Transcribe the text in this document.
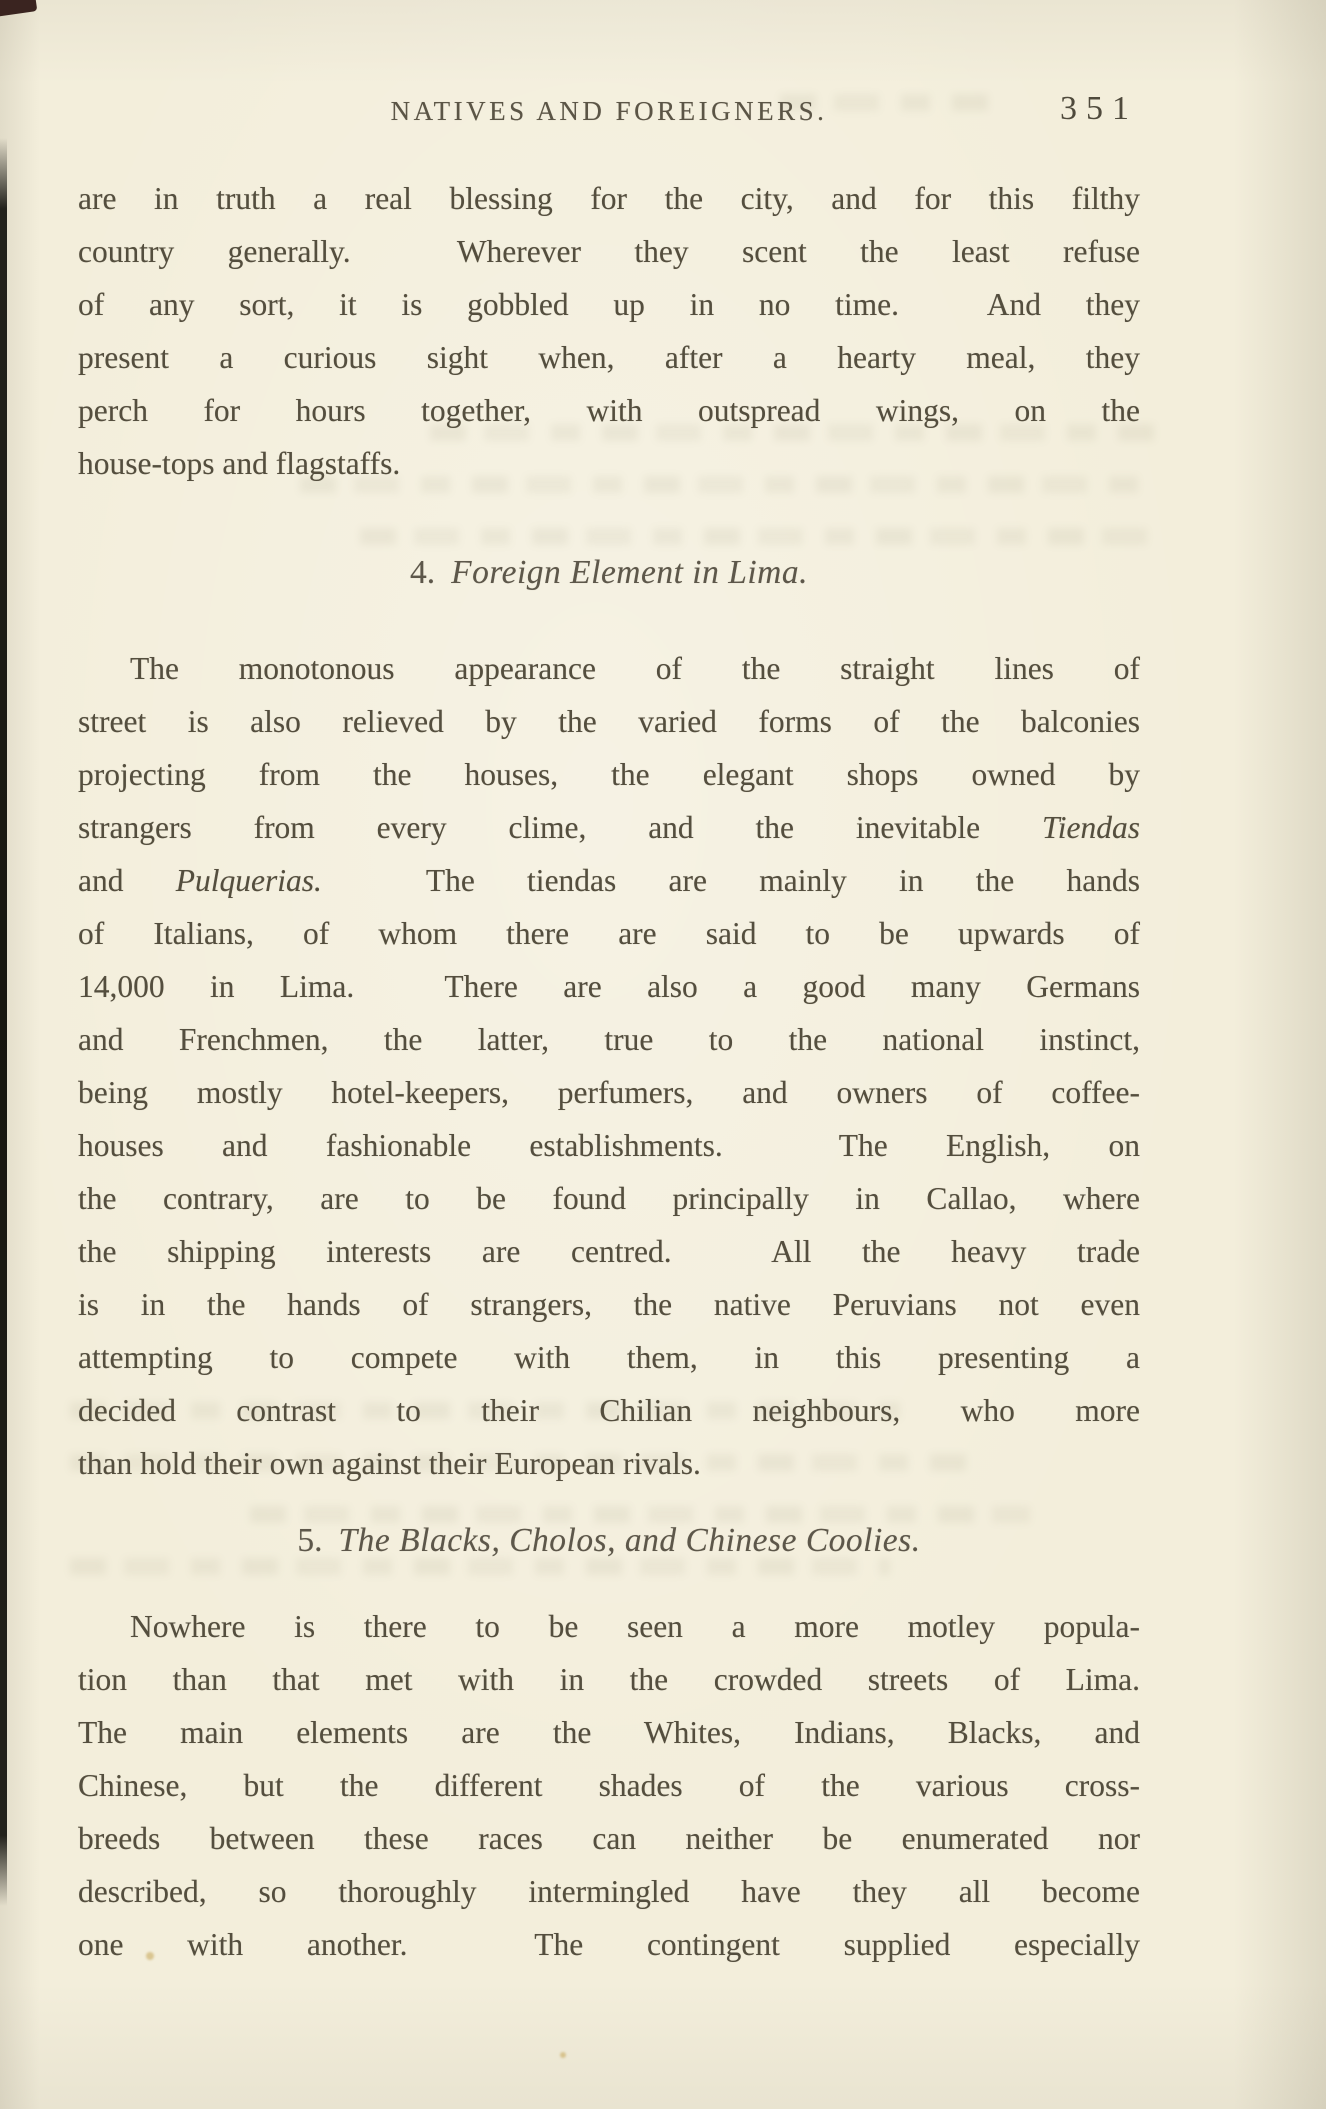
NATIVES AND FOREIGNERS.	351
are in truth a real blessing for the city, and for this filthy
country generally.  Wherever they scent the least refuse
of any sort, it is gobbled up in no time.  And they
present a curious sight when, after a hearty meal, they
perch for hours together, with outspread wings, on the
house-tops and flagstaffs.
4. Foreign Element in Lima.
The monotonous appearance of the straight lines of
street is also relieved by the varied forms of the balconies
projecting from the houses, the elegant shops owned by
strangers from every clime, and the inevitable Tiendas
and Pulquerias.  The tiendas are mainly in the hands
of Italians, of whom there are said to be upwards of
14,000 in Lima.  There are also a good many Germans
and Frenchmen, the latter, true to the national instinct,
being mostly hotel-keepers, perfumers, and owners of coffee-
houses and fashionable establishments.  The English, on
the contrary, are to be found principally in Callao, where
the shipping interests are centred.  All the heavy trade
is in the hands of strangers, the native Peruvians not even
attempting to compete with them, in this presenting a
decided contrast to their Chilian neighbours, who more
than hold their own against their European rivals.
5. The Blacks, Cholos, and Chinese Coolies.
Nowhere is there to be seen a more motley popula-
tion than that met with in the crowded streets of Lima.
The main elements are the Whites, Indians, Blacks, and
Chinese, but the different shades of the various cross-
breeds between these races can neither be enumerated nor
described, so thoroughly intermingled have they all become
one with another.  The contingent supplied especially
